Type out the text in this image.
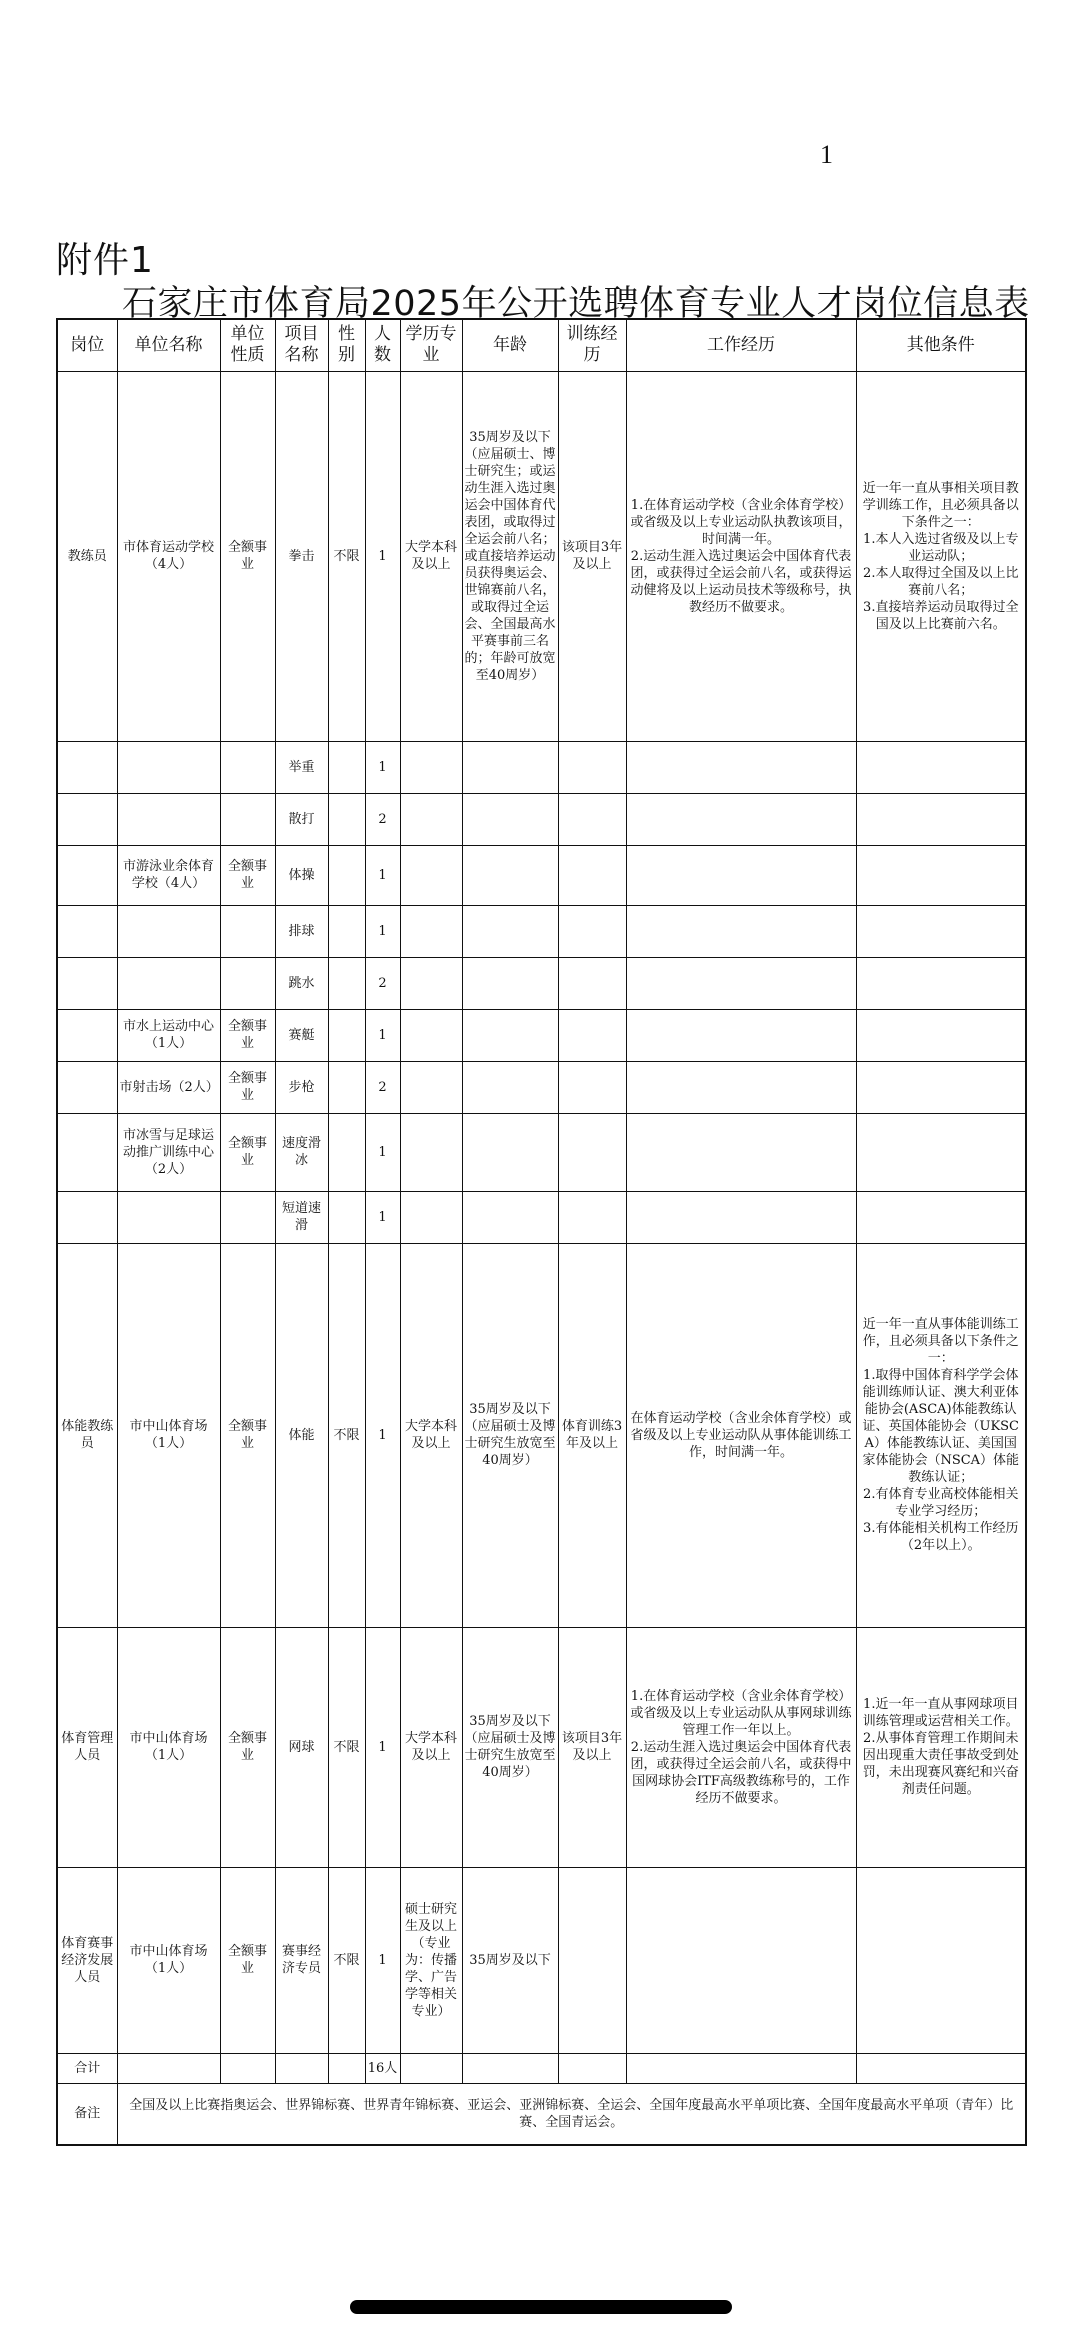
1
附件1
石家庄市体育局2025年公开选聘体育专业人才岗位信息表
岗位	单位名称	单位性质	项目名称	性别	人数	学历专业	年龄	训练经历	工作经历	其他条件
教练员	市体育运动学校（4人）	全额事业	拳击	不限	1	大学本科及以上	35周岁及以下（应届硕士、博士研究生；或运动生涯入选过奥运会中国体育代表团，或取得过全运会前八名；或直接培养运动员获得奥运会、世锦赛前八名，或取得过全运会、全国最高水平赛事前三名的；年龄可放宽至40周岁）	该项目3年及以上	1.在体育运动学校（含业余体育学校）或省级及以上专业运动队执教该项目，时间满一年。
2.运动生涯入选过奥运会中国体育代表团，或获得过全运会前八名，或获得运动健将及以上运动员技术等级称号，执教经历不做要求。	近一年一直从事相关项目教学训练工作，且必须具备以下条件之一：
1.本人入选过省级及以上专业运动队；
2.本人取得过全国及以上比赛前八名；
3.直接培养运动员取得过全国及以上比赛前六名。
			举重		1					
			散打		2					
	市游泳业余体育学校（4人）	全额事业	体操		1					
			排球		1					
			跳水		2					
	市水上运动中心（1人）	全额事业	赛艇		1					
	市射击场（2人）	全额事业	步枪		2					
	市冰雪与足球运动推广训练中心（2人）	全额事业	速度滑冰		1					
			短道速滑		1					
体能教练员	市中山体育场（1人）	全额事业	体能	不限	1	大学本科及以上	35周岁及以下（应届硕士及博士研究生放宽至40周岁）	体育训练3年及以上	在体育运动学校（含业余体育学校）或省级及以上专业运动队从事体能训练工作，时间满一年。	近一年一直从事体能训练工作，且必须具备以下条件之一：
1.取得中国体育科学学会体能训练师认证、澳大利亚体能协会(ASCA)体能教练认证、英国体能协会（UKSCA）体能教练认证、美国国家体能协会（NSCA）体能教练认证；
2.有体育专业高校体能相关专业学习经历；
3.有体能相关机构工作经历（2年以上）。
体育管理人员	市中山体育场（1人）	全额事业	网球	不限	1	大学本科及以上	35周岁及以下（应届硕士及博士研究生放宽至40周岁）	该项目3年及以上	1.在体育运动学校（含业余体育学校）或省级及以上专业运动队从事网球训练管理工作一年以上。
2.运动生涯入选过奥运会中国体育代表团，或获得过全运会前八名，或获得中国网球协会ITF高级教练称号的，工作经历不做要求。	1.近一年一直从事网球项目训练管理或运营相关工作。
2.从事体育管理工作期间未因出现重大责任事故受到处罚，未出现赛风赛纪和兴奋剂责任问题。
体育赛事经济发展人员	市中山体育场（1人）	全额事业	赛事经济专员	不限	1	硕士研究生及以上（专业为：传播学、广告学等相关专业）	35周岁及以下			
合计					16人					
备注	全国及以上比赛指奥运会、世界锦标赛、世界青年锦标赛、亚运会、亚洲锦标赛、全运会、全国年度最高水平单项比赛、全国年度最高水平单项（青年）比赛、全国青运会。									
